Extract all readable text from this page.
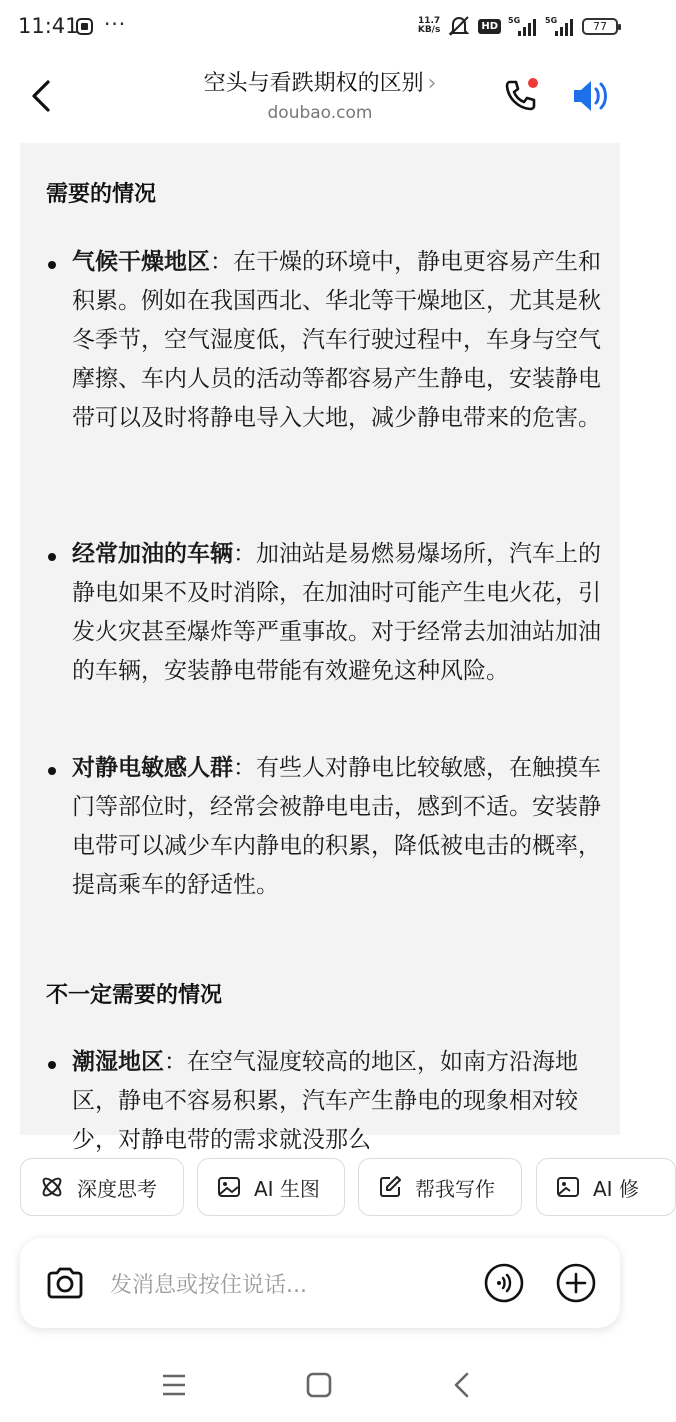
11:41 ···	11.7
KB/s	HD	5G	5G	77
空头与看跌期权的区别 ›
doubao.com
需要的情况
气候干燥地区：在干燥的环境中，静电更容易产生和积累。例如在我国西北、华北等干燥地区，尤其是秋冬季节，空气湿度低，汽车行驶过程中，车身与空气摩擦、车内人员的活动等都容易产生静电，安装静电带可以及时将静电导入大地，减少静电带来的危害。
经常加油的车辆：加油站是易燃易爆场所，汽车上的静电如果不及时消除，在加油时可能产生电火花，引发火灾甚至爆炸等严重事故。对于经常去加油站加油的车辆，安装静电带能有效避免这种风险。
对静电敏感人群：有些人对静电比较敏感，在触摸车门等部位时，经常会被静电电击，感到不适。安装静电带可以减少车内静电的积累，降低被电击的概率，提高乘车的舒适性。
不一定需要的情况
潮湿地区：在空气湿度较高的地区，如南方沿海地区，静电不容易积累，汽车产生静电的现象相对较少，对静电带的需求就没那么
深度思考	AI 生图	帮我写作	AI 修
发消息或按住说话...
